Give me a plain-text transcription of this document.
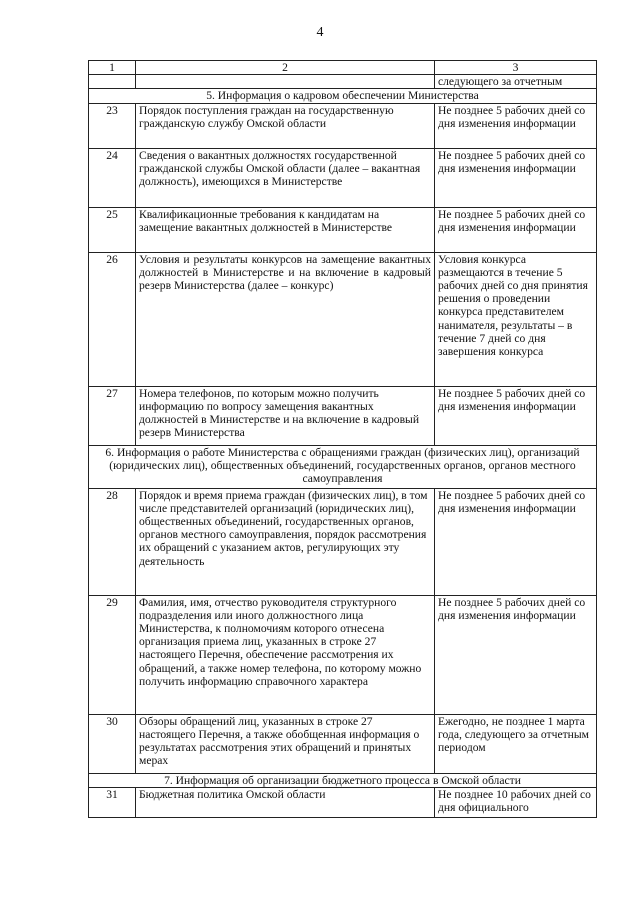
4
1	2	3
		следующего за отчетным
5. Информация о кадровом обеспечении Министерства		
23	Порядок поступления граждан на государственную гражданскую службу Омской области	Не позднее 5 рабочих дней со дня изменения информации
24	Сведения о вакантных должностях государственной гражданской службы Омской области (далее – вакантная должность), имеющихся в Министерстве	Не позднее 5 рабочих дней со дня изменения информации
25	Квалификационные требования к кандидатам на замещение вакантных должностей в Министерстве	Не позднее 5 рабочих дней со дня изменения информации
26	Условия и результаты конкурсов на замещение вакантных должностей в Министерстве и на включение в кадровый резерв Министерства (далее – конкурс)	Условия конкурса размещаются в течение 5 рабочих дней со дня принятия решения о проведении конкурса представителем нанимателя, результаты – в течение 7 дней со дня завершения конкурса
27	Номера телефонов, по которым можно получить информацию по вопросу замещения вакантных должностей в Министерстве и на включение в кадровый резерв Министерства	Не позднее 5 рабочих дней со дня изменения информации
6. Информация о работе Министерства с обращениями граждан (физических лиц), организаций (юридических лиц), общественных объединений, государственных органов, органов местного самоуправления		
28	Порядок и время приема граждан (физических лиц), в том числе представителей организаций (юридических лиц), общественных объединений, государственных органов, органов местного самоуправления, порядок рассмотрения их обращений с указанием актов, регулирующих эту деятельность	Не позднее 5 рабочих дней со дня изменения информации
29	Фамилия, имя, отчество руководителя структурного подразделения или иного должностного лица Министерства, к полномочиям которого отнесена организация приема лиц, указанных в строке 27 настоящего Перечня, обеспечение рассмотрения их обращений, а также номер телефона, по которому можно получить информацию справочного характера	Не позднее 5 рабочих дней со дня изменения информации
30	Обзоры обращений лиц, указанных в строке 27 настоящего Перечня, а также обобщенная информация о результатах рассмотрения этих обращений и принятых мерах	Ежегодно, не позднее 1 марта года, следующего за отчетным периодом
7. Информация об организации бюджетного процесса в Омской области		
31	Бюджетная политика Омской области	Не позднее 10 рабочих дней со дня официального
